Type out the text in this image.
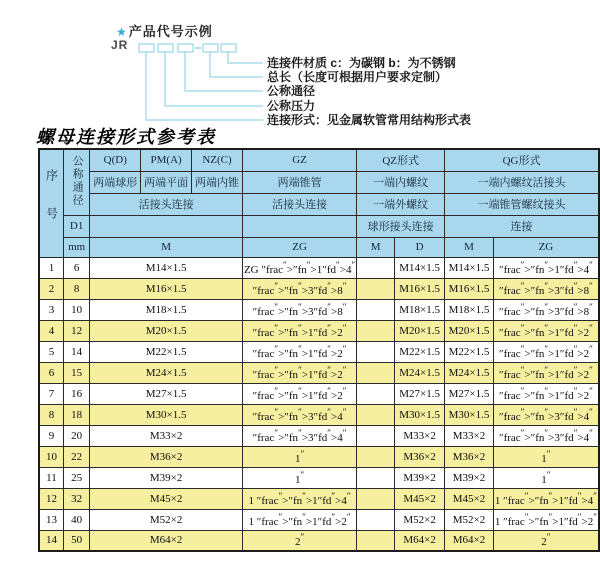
★产品代号示例
JR
连接件材质 c：为碳钢 b：为不锈钢
总长（长度可根据用户要求定制）
公称通径
公称压力
连接形式：见金属软管常用结构形式表
螺母连接形式参考表
序号	公称通径	Q(D)	PM(A)	NZ(C)	GZ	QZ形式		QG形式	
		两端球形	两端平面	两端内锥	两端锥管	一端内螺纹		一端内螺纹活接头	
		活接头连接			活接头连接	一端外螺纹		一端锥管螺纹接头	
	D1					球形接头连接		连接	
	mm	M			ZG	M	D	M	ZG
1	6	M14×1.5			ZG ″frac″>″fn″>1″fd″>4″		M14×1.5	M14×1.5	″frac″>″fn″>1″fd″>4″
2	8	M16×1.5			″frac″>″fn″>3″fd″>8″		M16×1.5	M16×1.5	″frac″>″fn″>3″fd″>8″
3	10	M18×1.5			″frac″>″fn″>3″fd″>8″		M18×1.5	M18×1.5	″frac″>″fn″>3″fd″>8″
4	12	M20×1.5			″frac″>″fn″>1″fd″>2″		M20×1.5	M20×1.5	″frac″>″fn″>1″fd″>2″
5	14	M22×1.5			″frac″>″fn″>1″fd″>2″		M22×1.5	M22×1.5	″frac″>″fn″>1″fd″>2″
6	15	M24×1.5			″frac″>″fn″>1″fd″>2″		M24×1.5	M24×1.5	″frac″>″fn″>1″fd″>2″
7	16	M27×1.5			″frac″>″fn″>1″fd″>2″		M27×1.5	M27×1.5	″frac″>″fn″>1″fd″>2″
8	18	M30×1.5			″frac″>″fn″>3″fd″>4″		M30×1.5	M30×1.5	″frac″>″fn″>3″fd″>4″
9	20	M33×2			″frac″>″fn″>3″fd″>4″		M33×2	M33×2	″frac″>″fn″>3″fd″>4″
10	22	M36×2			1″		M36×2	M36×2	1″
11	25	M39×2			1″		M39×2	M39×2	1″
12	32	M45×2			1 ″frac″>″fn″>1″fd″>4″		M45×2	M45×2	1 ″frac″>″fn″>1″fd″>4″
13	40	M52×2			1 ″frac″>″fn″>1″fd″>2″		M52×2	M52×2	1 ″frac″>″fn″>1″fd″>2″
14	50	M64×2			2″		M64×2	M64×2	2″
